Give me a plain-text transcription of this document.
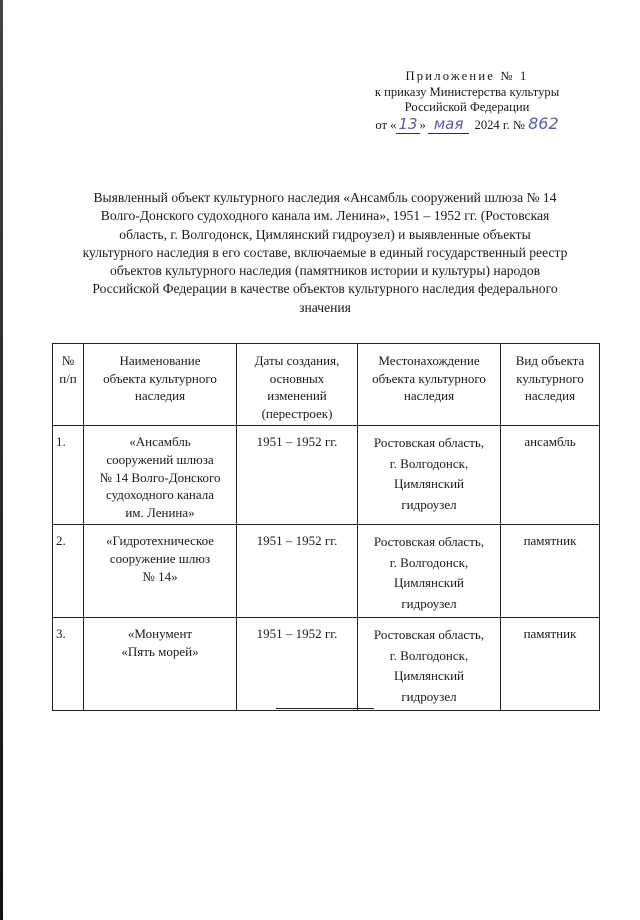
Приложение № 1
к приказу Министерства культуры
Российской Федерации
от « 13 » мая 2024 г. № 862
Выявленный объект культурного наследия «Ансамбль сооружений шлюза № 14
Волго-Донского судоходного канала им. Ленина», 1951 – 1952 гг. (Ростовская
область, г. Волгодонск, Цимлянский гидроузел) и выявленные объекты
культурного наследия в его составе, включаемые в единый государственный реестр
объектов культурного наследия (памятников истории и культуры) народов
Российской Федерации в качестве объектов культурного наследия федерального
значения
№
п/п	Наименование
объекта культурного
наследия	Даты создания,
основных
изменений
(перестроек)	Местонахождение
объекта культурного
наследия	Вид объекта
культурного
наследия

1.	«Ансамбль
сооружений шлюза
№ 14 Волго-Донского
судоходного канала
им. Ленина»	1951 – 1952 гг.	Ростовская область,
г. Волгодонск,
Цимлянский
гидроузел	ансамбль
2.	«Гидротехническое
сооружение шлюз
№ 14»	1951 – 1952 гг.	Ростовская область,
г. Волгодонск,
Цимлянский
гидроузел	памятник
3.	«Монумент
«Пять морей»	1951 – 1952 гг.	Ростовская область,
г. Волгодонск,
Цимлянский
гидроузел	памятник
